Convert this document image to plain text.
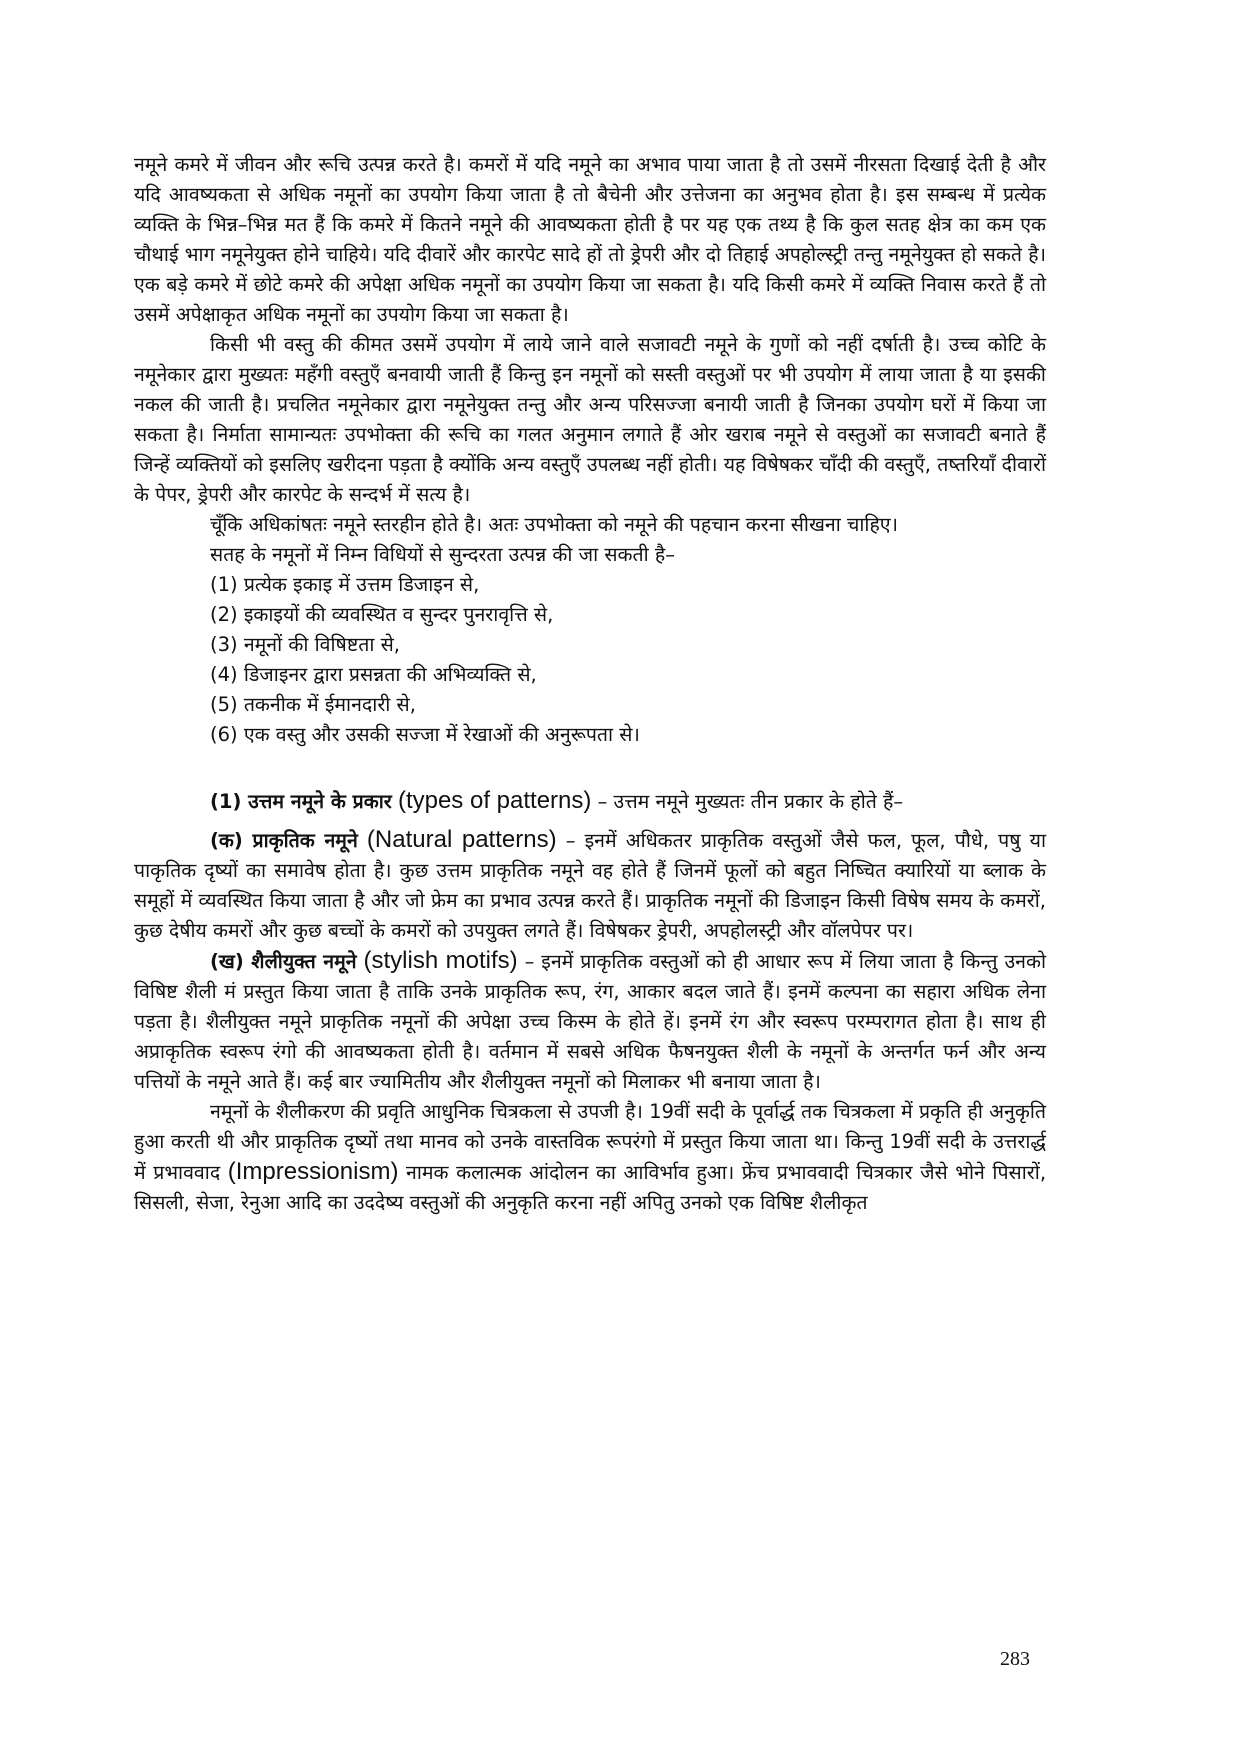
नमूने कमरे में जीवन और रूचि उत्पन्न करते है। कमरों में यदि नमूने का अभाव पाया जाता है तो उसमें नीरसता दिखाई देती है और यदि आवष्यकता से अधिक नमूनों का उपयोग किया जाता है तो बैचेनी और उत्तेजना का अनुभव होता है। इस सम्बन्ध में प्रत्येक व्यक्ति के भिन्न–भिन्न मत हैं कि कमरे में कितने नमूने की आवष्यकता होती है पर यह एक तथ्य है कि कुल सतह क्षेत्र का कम एक चौथाई भाग नमूनेयुक्त होने चाहिये। यदि दीवारें और कारपेट सादे हों तो ड्रेपरी और दो तिहाई अपहोल्स्ट्री तन्तु नमूनेयुक्त हो सकते है। एक बड़े कमरे में छोटे कमरे की अपेक्षा अधिक नमूनों का उपयोग किया जा सकता है। यदि किसी कमरे में व्यक्ति निवास करते हैं तो उसमें अपेक्षाकृत अधिक नमूनों का उपयोग किया जा सकता है।

किसी भी वस्तु की कीमत उसमें उपयोग में लाये जाने वाले सजावटी नमूने के गुणों को नहीं दर्षाती है। उच्च कोटि के नमूनेकार द्वारा मुख्यतः महँगी वस्तुएँ बनवायी जाती हैं किन्तु इन नमूनों को सस्ती वस्तुओं पर भी उपयोग में लाया जाता है या इसकी नकल की जाती है। प्रचलित नमूनेकार द्वारा नमूनेयुक्त तन्तु और अन्य परिसज्जा बनायी जाती है जिनका उपयोग घरों में किया जा सकता है। निर्माता सामान्यतः उपभोक्ता की रूचि का गलत अनुमान लगाते हैं ओर खराब नमूने से वस्तुओं का सजावटी बनाते हैं जिन्हें व्यक्तियों को इसलिए खरीदना पड़ता है क्योंकि अन्य वस्तुएँ उपलब्ध नहीं होती। यह विषेषकर चाँदी की वस्तुएँ, तष्तरियाँ दीवारों के पेपर, ड्रेपरी और कारपेट के सन्दर्भ में सत्य है।

चूँकि अधिकांषतः नमूने स्तरहीन होते है। अतः उपभोक्ता को नमूने की पहचान करना सीखना चाहिए।

सतह के नमूनों में निम्न विधियों से सुन्दरता उत्पन्न की जा सकती है–

(1) प्रत्येक इकाइ में उत्तम डिजाइन से,
(2) इकाइयों की व्यवस्थित व सुन्दर पुनरावृत्ति से,
(3) नमूनों की विषिष्टता से,
(4) डिजाइनर द्वारा प्रसन्नता की अभिव्यक्ति से,
(5) तकनीक में ईमानदारी से,
(6) एक वस्तु और उसकी सज्जा में रेखाओं की अनुरूपता से।

(1) उत्तम नमूने के प्रकार (types of patterns) – उत्तम नमूने मुख्यतः तीन प्रकार के होते हैं–

(क) प्राकृतिक नमूने (Natural patterns) – इनमें अधिकतर प्राकृतिक वस्तुओं जैसे फल, फूल, पौधे, पषु या पाकृतिक दृष्यों का समावेष होता है। कुछ उत्तम प्राकृतिक नमूने वह होते हैं जिनमें फूलों को बहुत निष्चित क्यारियों या ब्लाक के समूहों में व्यवस्थित किया जाता है और जो फ्रेम का प्रभाव उत्पन्न करते हैं। प्राकृतिक नमूनों की डिजाइन किसी विषेष समय के कमरों, कुछ देषीय कमरों और कुछ बच्चों के कमरों को उपयुक्त लगते हैं। विषेषकर ड्रेपरी, अपहोलस्ट्री और वॉलपेपर पर।

(ख) शैलीयुक्त नमूने (stylish motifs) – इनमें प्राकृतिक वस्तुओं को ही आधार रूप में लिया जाता है किन्तु उनको विषिष्ट शैली मं प्रस्तुत किया जाता है ताकि उनके प्राकृतिक रूप, रंग, आकार बदल जाते हैं। इनमें कल्पना का सहारा अधिक लेना पड़ता है। शैलीयुक्त नमूने प्राकृतिक नमूनों की अपेक्षा उच्च किस्म के होते हें। इनमें रंग और स्वरूप परम्परागत होता है। साथ ही अप्राकृतिक स्वरूप रंगो की आवष्यकता होती है। वर्तमान में सबसे अधिक फैषनयुक्त शैली के नमूनों के अन्तर्गत फर्न और अन्य पत्तियों के नमूने आते हैं। कई बार ज्यामितीय और शैलीयुक्त नमूनों को मिलाकर भी बनाया जाता है।

नमूनों के शैलीकरण की प्रवृति आधुनिक चित्रकला से उपजी है। 19वीं सदी के पूर्वार्द्ध तक चित्रकला में प्रकृति ही अनुकृति हुआ करती थी और प्राकृतिक दृष्यों तथा मानव को उनके वास्तविक रूपरंगो में प्रस्तुत किया जाता था। किन्तु 19वीं सदी के उत्तरार्द्ध में प्रभाववाद (Impressionism) नामक कलात्मक आंदोलन का आविर्भाव हुआ। फ्रेंच प्रभाववादी चित्रकार जैसे भोने पिसारों, सिसली, सेजा, रेनुआ आदि का उददेष्य वस्तुओं की अनुकृति करना नहीं अपितु उनको एक विषिष्ट शैलीकृत

283
